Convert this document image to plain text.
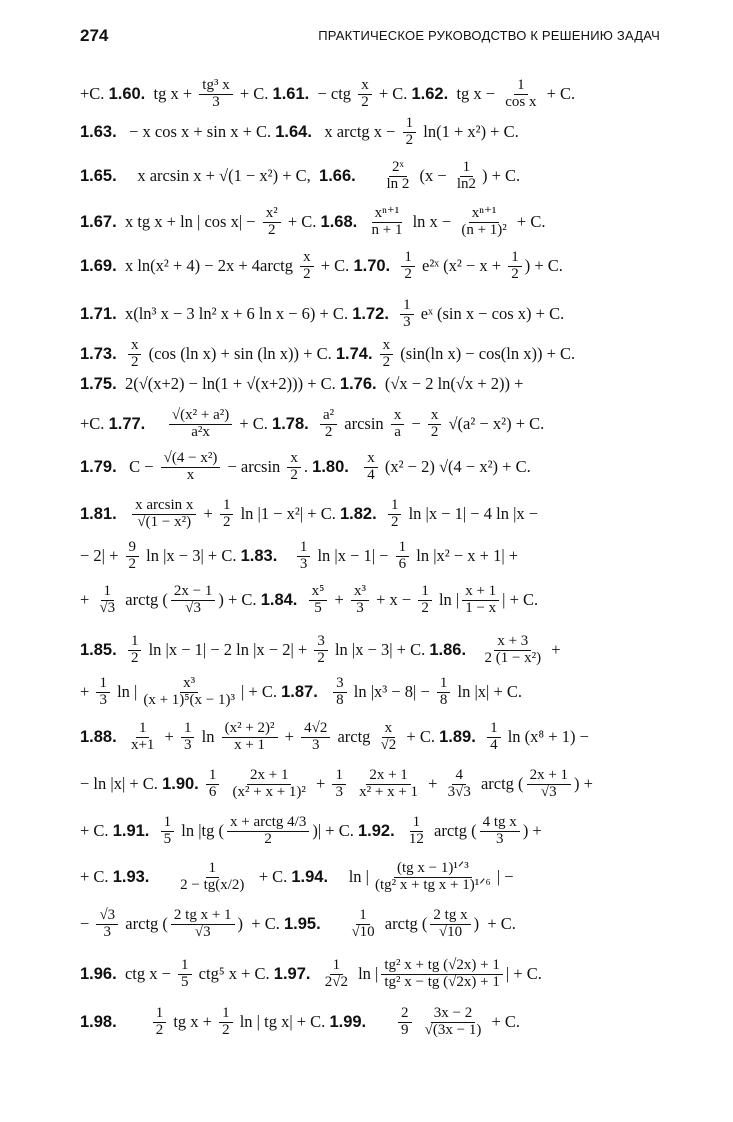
274	ПРАКТИЧЕСКОЕ РУКОВОДСТВО К РЕШЕНИЮ ЗАДАЧ
+C. 1.60. tg $x + \frac{\text{tg³ x}}{3} + C$. 1.61. − ctg $\frac{x}{2} + C$. 1.62. tg $x - \frac{1}{\text{cos x}} + C$.
1.63. − x cos x + sin x + C. 1.64. x arctg $x - \frac{1}{2} \ln(1 + x^2) + C$.
1.65. x arcsin x + √(1 − x²) + C, 1.66.
$\frac{\text{2ˣ}}{\ln 2} (x - \frac{1}{\ln 2}$ ) + C.
1.67. x tg x + ln | $\cos x| - \frac{\text{x²}}{2} + C$. 1.68.
$\frac{\text{xⁿ⁺¹}}{n + 1}$ $\ln x - \frac{\text{xⁿ⁺¹}}{\text{(n + 1)²}} + C$.
1.69. x ln(x² + 4) − 2x + 4arctg $\frac{x}{2} + C$. 1.70.
$\frac{1}{2}$ e²ˣ ($x^2 - x + \frac{1}{2}$ ) + C.
1.71. x(ln³ x − 3 ln² x + 6 ln x − 6) + C. 1.72.
$\frac{1}{3}$ eˣ (sin x − cos x) + C.
1.73.
$\frac{x}{2} (\cos$ (ln x) + sin (ln x)) + C. 1.74.
$\frac{x}{2} (\sin(\ln$ x) − cos(ln x)) + C.
1.75. 2(√(x+2) − ln(1 + √(x+2))) + C. 1.76. (√x − 2 ln(√x + 2)) +
+C. 1.77.
$\frac{\text{√(x² + a²)}}{\text{a²x}} + C$. 1.78.
$\frac{\text{a²}}{2}$ $\arcsin \frac{x}{a} - \frac{x}{2} √(a^2 - x^2) + C$.
1.79. $C - \frac{\text{√(4 − x²)}}{x} - \arcsin \frac{x}{2}$ . 1.80.
$\frac{x}{4} (x^2 - 2) √(4 - x^2) + C$.
1.81.
$\frac{\text{x arcsin x}}{\text{√(1 − x²)}} + \frac{1}{2}$ ln |1 − x²| + C. 1.82.
$\frac{1}{2}$ ln |x − 1| − 4 ln |x −
− $2| + \frac{9}{2}$ ln |x − 3| + C. 1.83.
$\frac{1}{3}$ $\ln |x - 1| - \frac{1}{6}$ ln |x² − x + 1| +
+ $\frac{1}{√3}$ arctg ( $\frac{2x - 1}{√3}$ ) + C. 1.84.
$\frac{\text{x⁵}}{5} + \frac{\text{x³}}{3} + x - \frac{1}{2}$ ln | $\frac{x + 1}{1 - x}$ | + C.
1.85.
$\frac{1}{2}$ ln |x − 1| − 2 $\ln |x - 2| + \frac{3}{2}$ ln |x − 3| + C. 1.86.
$\frac{x + 3}{\text{2 (1 − x²)}}$ +
+ $\frac{1}{3}$ ln | $\frac{\text{x³}}{\text{(x + 1)⁵(x − 1)³}}$ | + C. 1.87.
$\frac{3}{8}$ $\ln |x^3 - 8| - \frac{1}{8}$ ln |x| + C.
1.88.
$\frac{1}{x+1} + \frac{1}{3}$ $\ln \frac{\text{(x² + 2)²}}{x + 1} + \frac{4√2}{3}$ arctg $\frac{x}{√2} + C$. 1.89.
$\frac{1}{4}$ ln (x⁸ + 1) −
− ln |x| + C. 1.90.
$\frac{1}{6}$
$\frac{2x + 1}{\text{(x² + x + 1)²}} + \frac{1}{3}$
$\frac{2x + 1}{\text{x² + x + 1}} + \frac{4}{3√3}$ arctg ( $\frac{2x + 1}{√3}$ ) +
+ C. 1.91.
$\frac{1}{5}$ ln |tg ( $\frac{\text{x + arctg 4/3}}{2}$ )| + C. 1.92.
$\frac{1}{12}$ arctg ( $\frac{\text{4 tg x}}{3}$ ) +
+ C. 1.93.
$\frac{1}{2 - tg(x/2)} + C$. 1.94. ln | $\frac{\text{(tg x − 1)¹ᐟ³}}{\text{(tg² x + tg x + 1)¹ᐟ⁶}}$ | −
− $\frac{√3}{3}$ arctg ( $\frac{\text{2 tg x + 1}}{√3}$ )  + C. 1.95.
$\frac{1}{√10}$ arctg ( $\frac{\text{2 tg x}}{√10}$ )  + C.
1.96. ctg $x - \frac{1}{5} ctg^5$ x + C. 1.97.
$\frac{1}{2√2}$ ln | $\frac{\text{tg² x + tg (√2x) + 1}}{\text{tg² x − tg (√2x) + 1}}$ | + C.
1.98.
$\frac{1}{2}$ tg $x + \frac{1}{2}$ ln | tg x| + C. 1.99.
$\frac{2}{9}$
$\frac{3x - 2}{√(3x - 1)} + C$.
